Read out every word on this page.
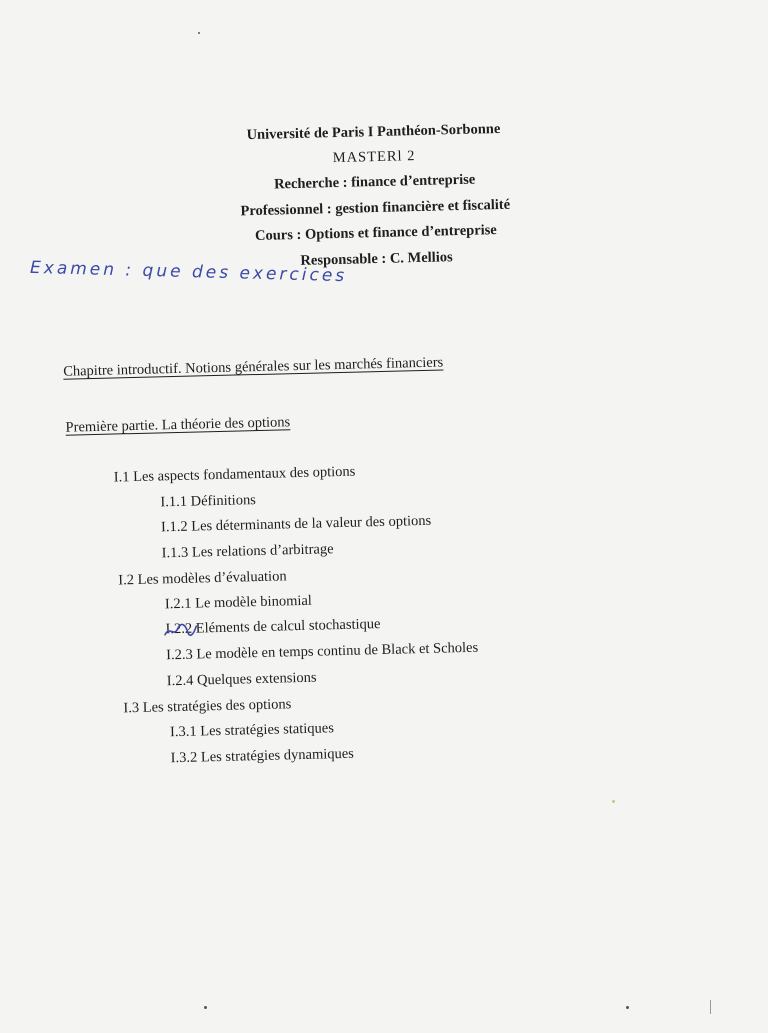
Université de Paris I Panthéon-Sorbonne
MASTERl 2
Recherche : finance d’entreprise
Professionnel : gestion financière et fiscalité
Cours : Options et finance d’entreprise
Responsable : C. Mellios
Chapitre introductif. Notions générales sur les marchés financiers
Première partie. La théorie des options
I.1 Les aspects fondamentaux des options
I.1.1 Définitions
I.1.2 Les déterminants de la valeur des options
I.1.3 Les relations d’arbitrage
I.2 Les modèles d’évaluation
I.2.1 Le modèle binomial
I.2.2 Eléments de calcul stochastique
I.2.3 Le modèle en temps continu de Black et Scholes
I.2.4 Quelques extensions
I.3 Les stratégies des options
I.3.1 Les stratégies statiques
I.3.2 Les stratégies dynamiques
Examen : que des exercices
